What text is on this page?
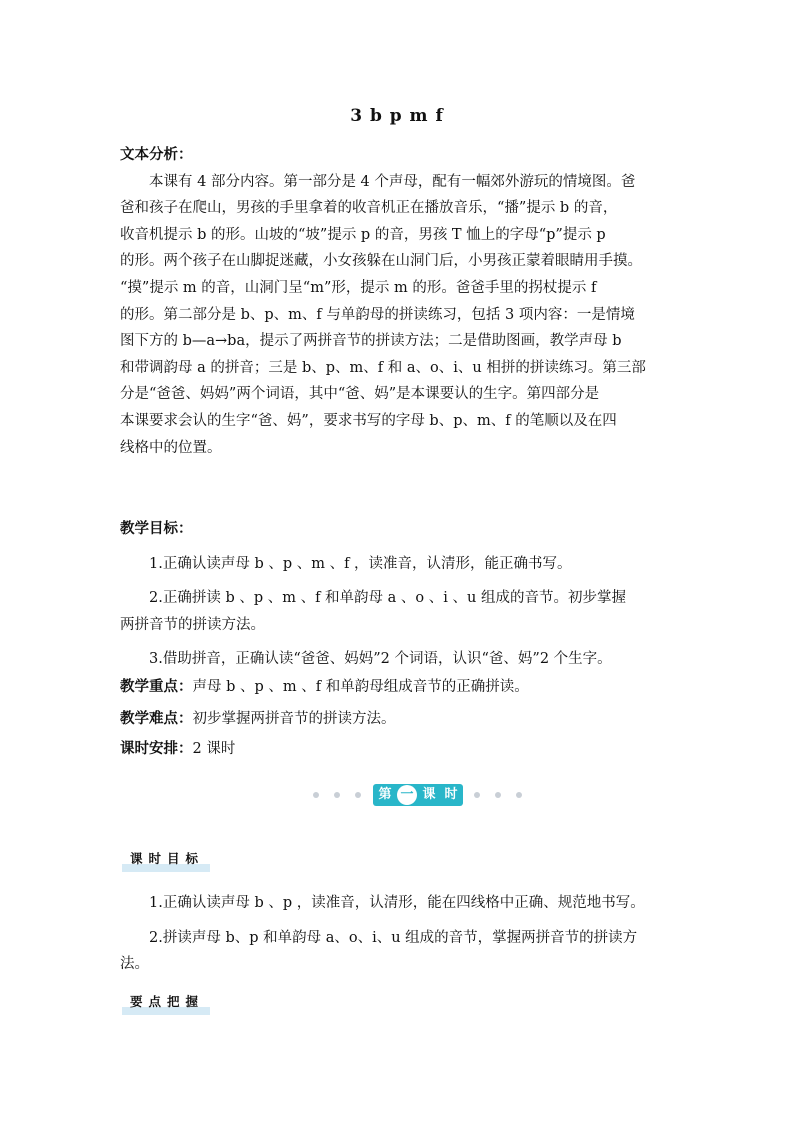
3 b p m f
文本分析：
本课有 4 部分内容。第一部分是 4 个声母，配有一幅郊外游玩的情境图。爸
爸和孩子在爬山，男孩的手里拿着的收音机正在播放音乐，“播”提示 b 的音，
收音机提示 b 的形。山坡的“坡”提示 p 的音，男孩 T 恤上的字母“p”提示 p
的形。两个孩子在山脚捉迷藏，小女孩躲在山洞门后，小男孩正蒙着眼睛用手摸。
“摸”提示 m 的音，山洞门呈“m”形，提示 m 的形。爸爸手里的拐杖提示 f
的形。第二部分是 b、p、m、f 与单韵母的拼读练习，包括 3 项内容：一是情境
图下方的 b—a→ba，提示了两拼音节的拼读方法；二是借助图画，教学声母 b
和带调韵母 a 的拼音；三是 b、p、m、f 和 a、o、i、u 相拼的拼读练习。第三部
分是“爸爸、妈妈”两个词语，其中“爸、妈”是本课要认的生字。第四部分是
本课要求会认的生字“爸、妈”，要求书写的字母 b、p、m、f 的笔顺以及在四
线格中的位置。
教学目标：
1.正确认读声母 b 、p 、m 、f ，读准音，认清形，能正确书写。
2.正确拼读 b 、p 、m 、f 和单韵母 a 、o 、i 、u 组成的音节。初步掌握
两拼音节的拼读方法。
3.借助拼音，正确认读“爸爸、妈妈”2 个词语，认识“爸、妈”2 个生字。
教学重点：声母 b 、p 、m 、f 和单韵母组成音节的正确拼读。
教学难点：初步掌握两拼音节的拼读方法。
课时安排：2 课时
第 一 课 时
课时目标
1.正确认读声母 b 、p ，读准音，认清形，能在四线格中正确、规范地书写。
2.拼读声母 b、p 和单韵母 a、o、i、u 组成的音节，掌握两拼音节的拼读方
法。
要点把握
